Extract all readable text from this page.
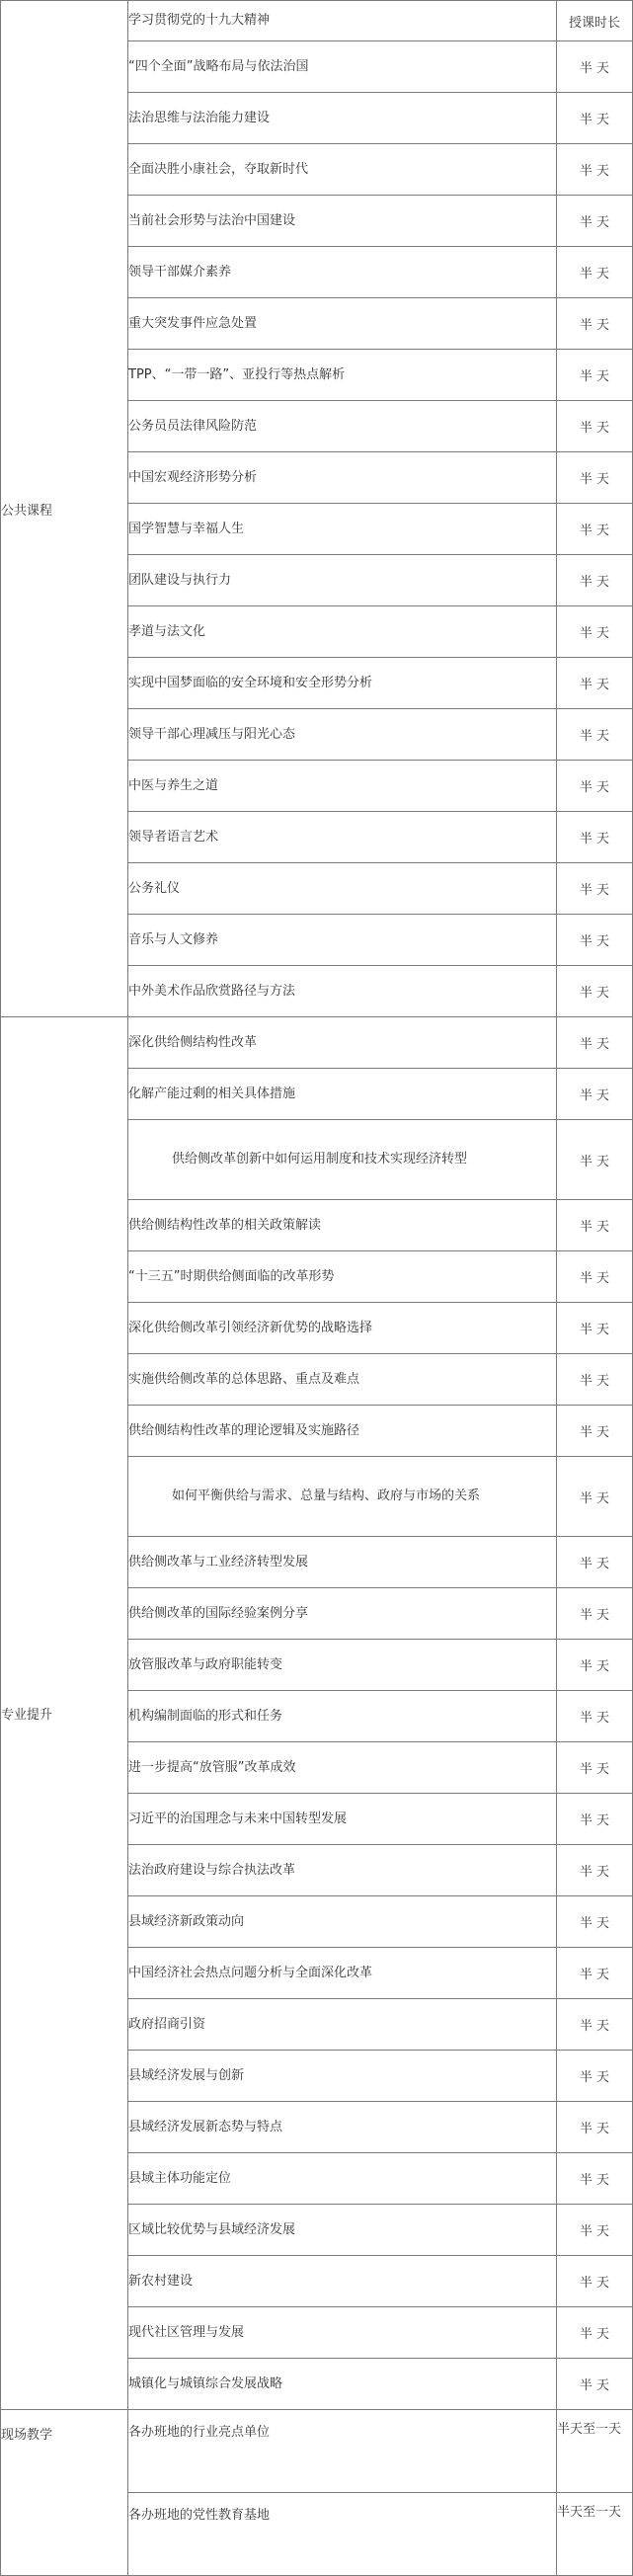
公共课程	学习贯彻党的十九大精神	授课时长
	“四个全面”战略布局与依法治国	半 天
	法治思维与法治能力建设	半 天
	全面决胜小康社会，夺取新时代	半 天
	当前社会形势与法治中国建设	半 天
	领导干部媒介素养	半 天
	重大突发事件应急处置	半 天
	TPP、“一带一路”、亚投行等热点解析	半 天
	公务员员法律风险防范	半 天
	中国宏观经济形势分析	半 天
	国学智慧与幸福人生	半 天
	团队建设与执行力	半 天
	孝道与法文化	半 天
	实现中国梦面临的安全环境和安全形势分析	半 天
	领导干部心理减压与阳光心态	半 天
	中医与养生之道	半 天
	领导者语言艺术	半 天
	公务礼仪	半 天
	音乐与人文修养	半 天
	中外美术作品欣赏路径与方法	半 天
专业提升	深化供给侧结构性改革	半 天
	化解产能过剩的相关具体措施	半 天
	供给侧改革创新中如何运用制度和技术实现经济转型	半 天
	供给侧结构性改革的相关政策解读	半 天
	“十三五”时期供给侧面临的改革形势	半 天
	深化供给侧改革引领经济新优势的战略选择	半 天
	实施供给侧改革的总体思路、重点及难点	半 天
	供给侧结构性改革的理论逻辑及实施路径	半 天
	如何平衡供给与需求、总量与结构、政府与市场的关系	半 天
	供给侧改革与工业经济转型发展	半 天
	供给侧改革的国际经验案例分享	半 天
	放管服改革与政府职能转变	半 天
	机构编制面临的形式和任务	半 天
	进一步提高“放管服”改革成效	半 天
	习近平的治国理念与未来中国转型发展	半 天
	法治政府建设与综合执法改革	半 天
	县域经济新政策动向	半 天
	中国经济社会热点问题分析与全面深化改革	半 天
	政府招商引资	半 天
	县域经济发展与创新	半 天
	县域经济发展新态势与特点	半 天
	县域主体功能定位	半 天
	区域比较优势与县域经济发展	半 天
	新农村建设	半 天
	现代社区管理与发展	半 天
	城镇化与城镇综合发展战略	半 天
现场教学	各办班地的行业亮点单位	半天至一天
	各办班地的党性教育基地	半天至一天
